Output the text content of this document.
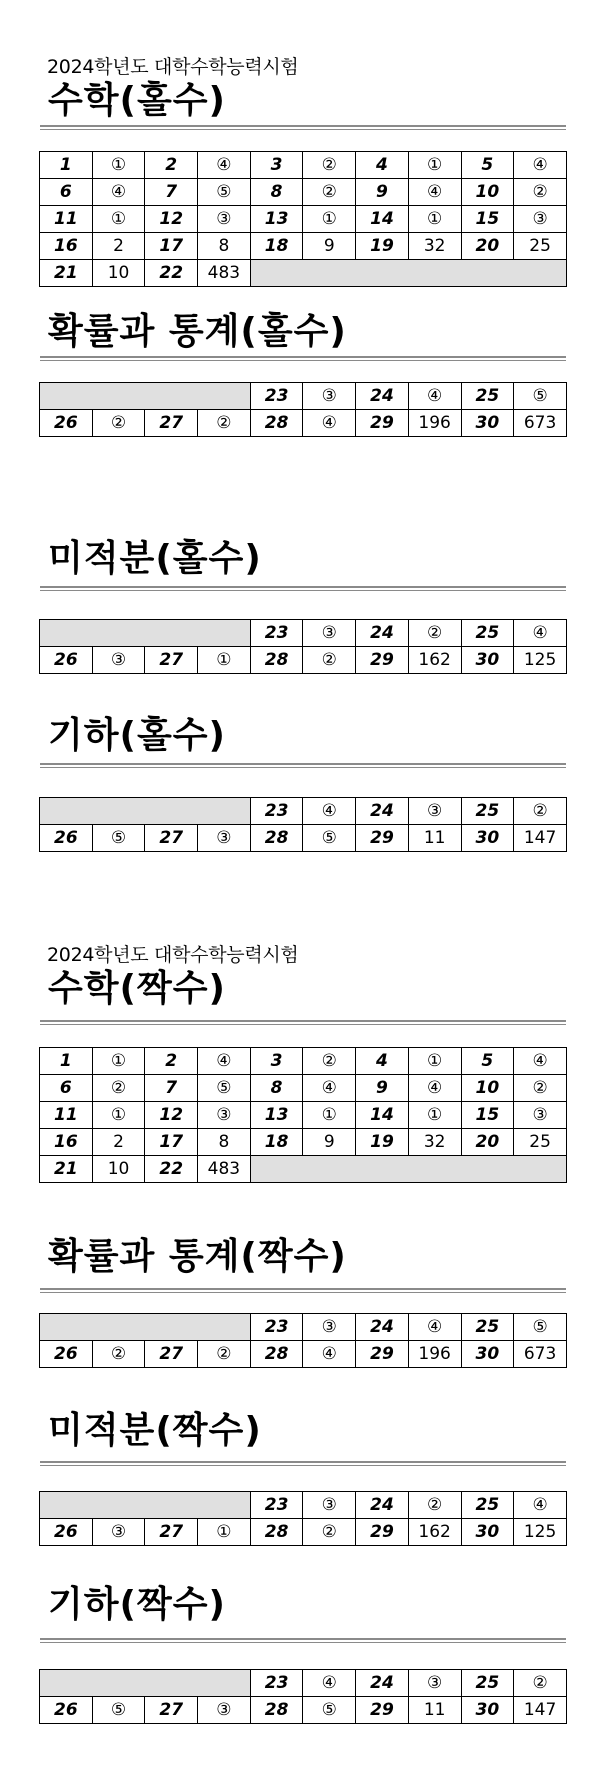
2024학년도 대학수학능력시험
수학(홀수)
1	①	2	④	3	②	4	①	5	④
6	④	7	⑤	8	②	9	④	10	②
11	①	12	③	13	①	14	①	15	③
16	2	17	8	18	9	19	32	20	25
21	10	22	483						
확률과 통계(홀수)
				23	③	24	④	25	⑤
26	②	27	②	28	④	29	196	30	673
미적분(홀수)
				23	③	24	②	25	④
26	③	27	①	28	②	29	162	30	125
기하(홀수)
				23	④	24	③	25	②
26	⑤	27	③	28	⑤	29	11	30	147
2024학년도 대학수학능력시험
수학(짝수)
1	①	2	④	3	②	4	①	5	④
6	②	7	⑤	8	④	9	④	10	②
11	①	12	③	13	①	14	①	15	③
16	2	17	8	18	9	19	32	20	25
21	10	22	483						
확률과 통계(짝수)
				23	③	24	④	25	⑤
26	②	27	②	28	④	29	196	30	673
미적분(짝수)
				23	③	24	②	25	④
26	③	27	①	28	②	29	162	30	125
기하(짝수)
				23	④	24	③	25	②
26	⑤	27	③	28	⑤	29	11	30	147
